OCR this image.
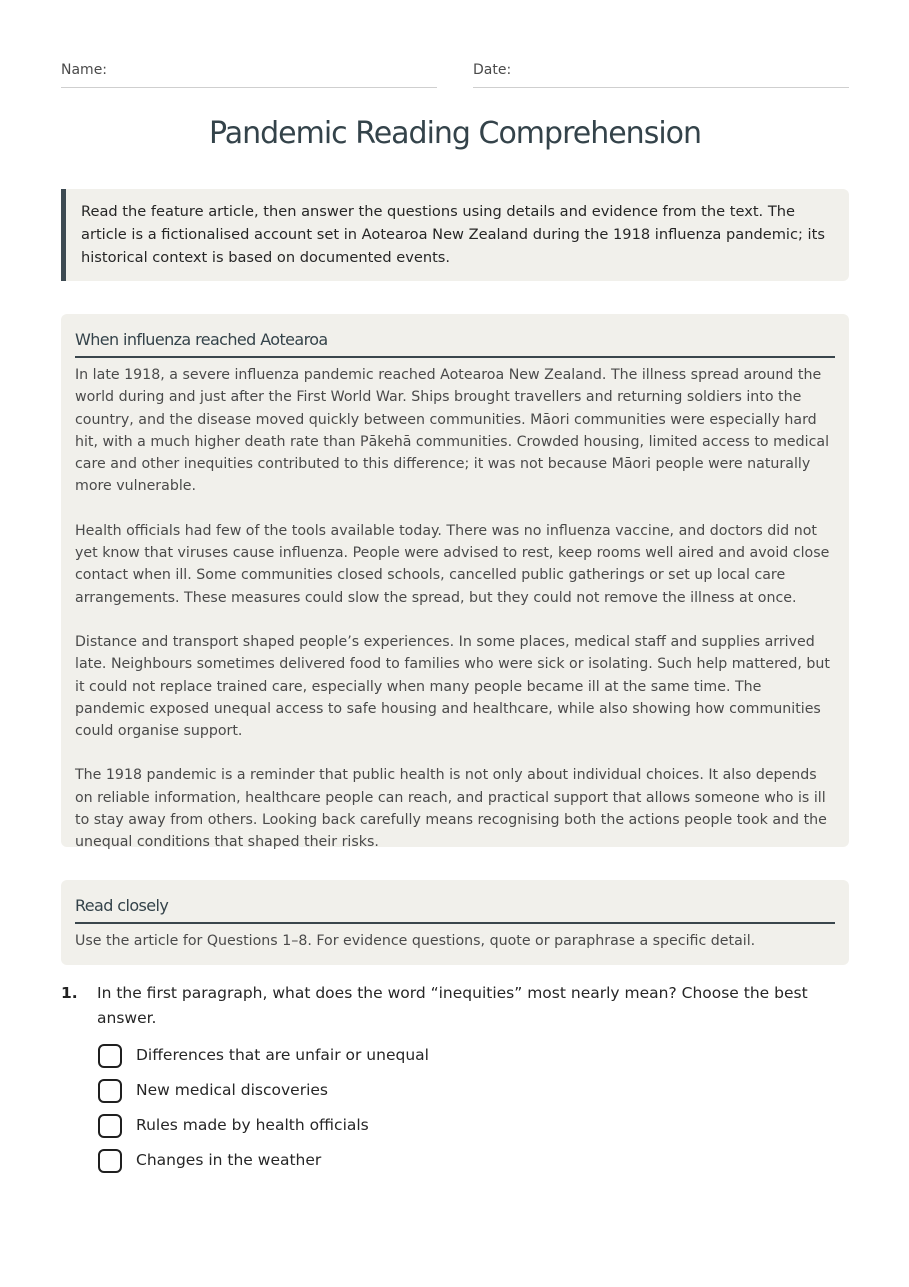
Name:	Date:
Pandemic Reading Comprehension
Read the feature article, then answer the questions using details and evidence from the text. The article is a fictionalised account set in Aotearoa New Zealand during the 1918 influenza pandemic; its historical context is based on documented events.
When influenza reached Aotearoa

In late 1918, a severe influenza pandemic reached Aotearoa New Zealand. The illness spread around the world during and just after the First World War. Ships brought travellers and returning soldiers into the country, and the disease moved quickly between communities. Māori communities were especially hard hit, with a much higher death rate than Pākehā communities. Crowded housing, limited access to medical care and other inequities contributed to this difference; it was not because Māori people were naturally more vulnerable.

Health officials had few of the tools available today. There was no influenza vaccine, and doctors did not yet know that viruses cause influenza. People were advised to rest, keep rooms well aired and avoid close contact when ill. Some communities closed schools, cancelled public gatherings or set up local care arrangements. These measures could slow the spread, but they could not remove the illness at once.

Distance and transport shaped people’s experiences. In some places, medical staff and supplies arrived late. Neighbours sometimes delivered food to families who were sick or isolating. Such help mattered, but it could not replace trained care, especially when many people became ill at the same time. The pandemic exposed unequal access to safe housing and healthcare, while also showing how communities could organise support.

The 1918 pandemic is a reminder that public health is not only about individual choices. It also depends on reliable information, healthcare people can reach, and practical support that allows someone who is ill to stay away from others. Looking back carefully means recognising both the actions people took and the unequal conditions that shaped their risks.

Read closely

Use the article for Questions 1–8. For evidence questions, quote or paraphrase a specific detail.

1. In the first paragraph, what does the word “inequities” most nearly mean? Choose the best answer.
Differences that are unfair or unequal
New medical discoveries
Rules made by health officials
Changes in the weather
